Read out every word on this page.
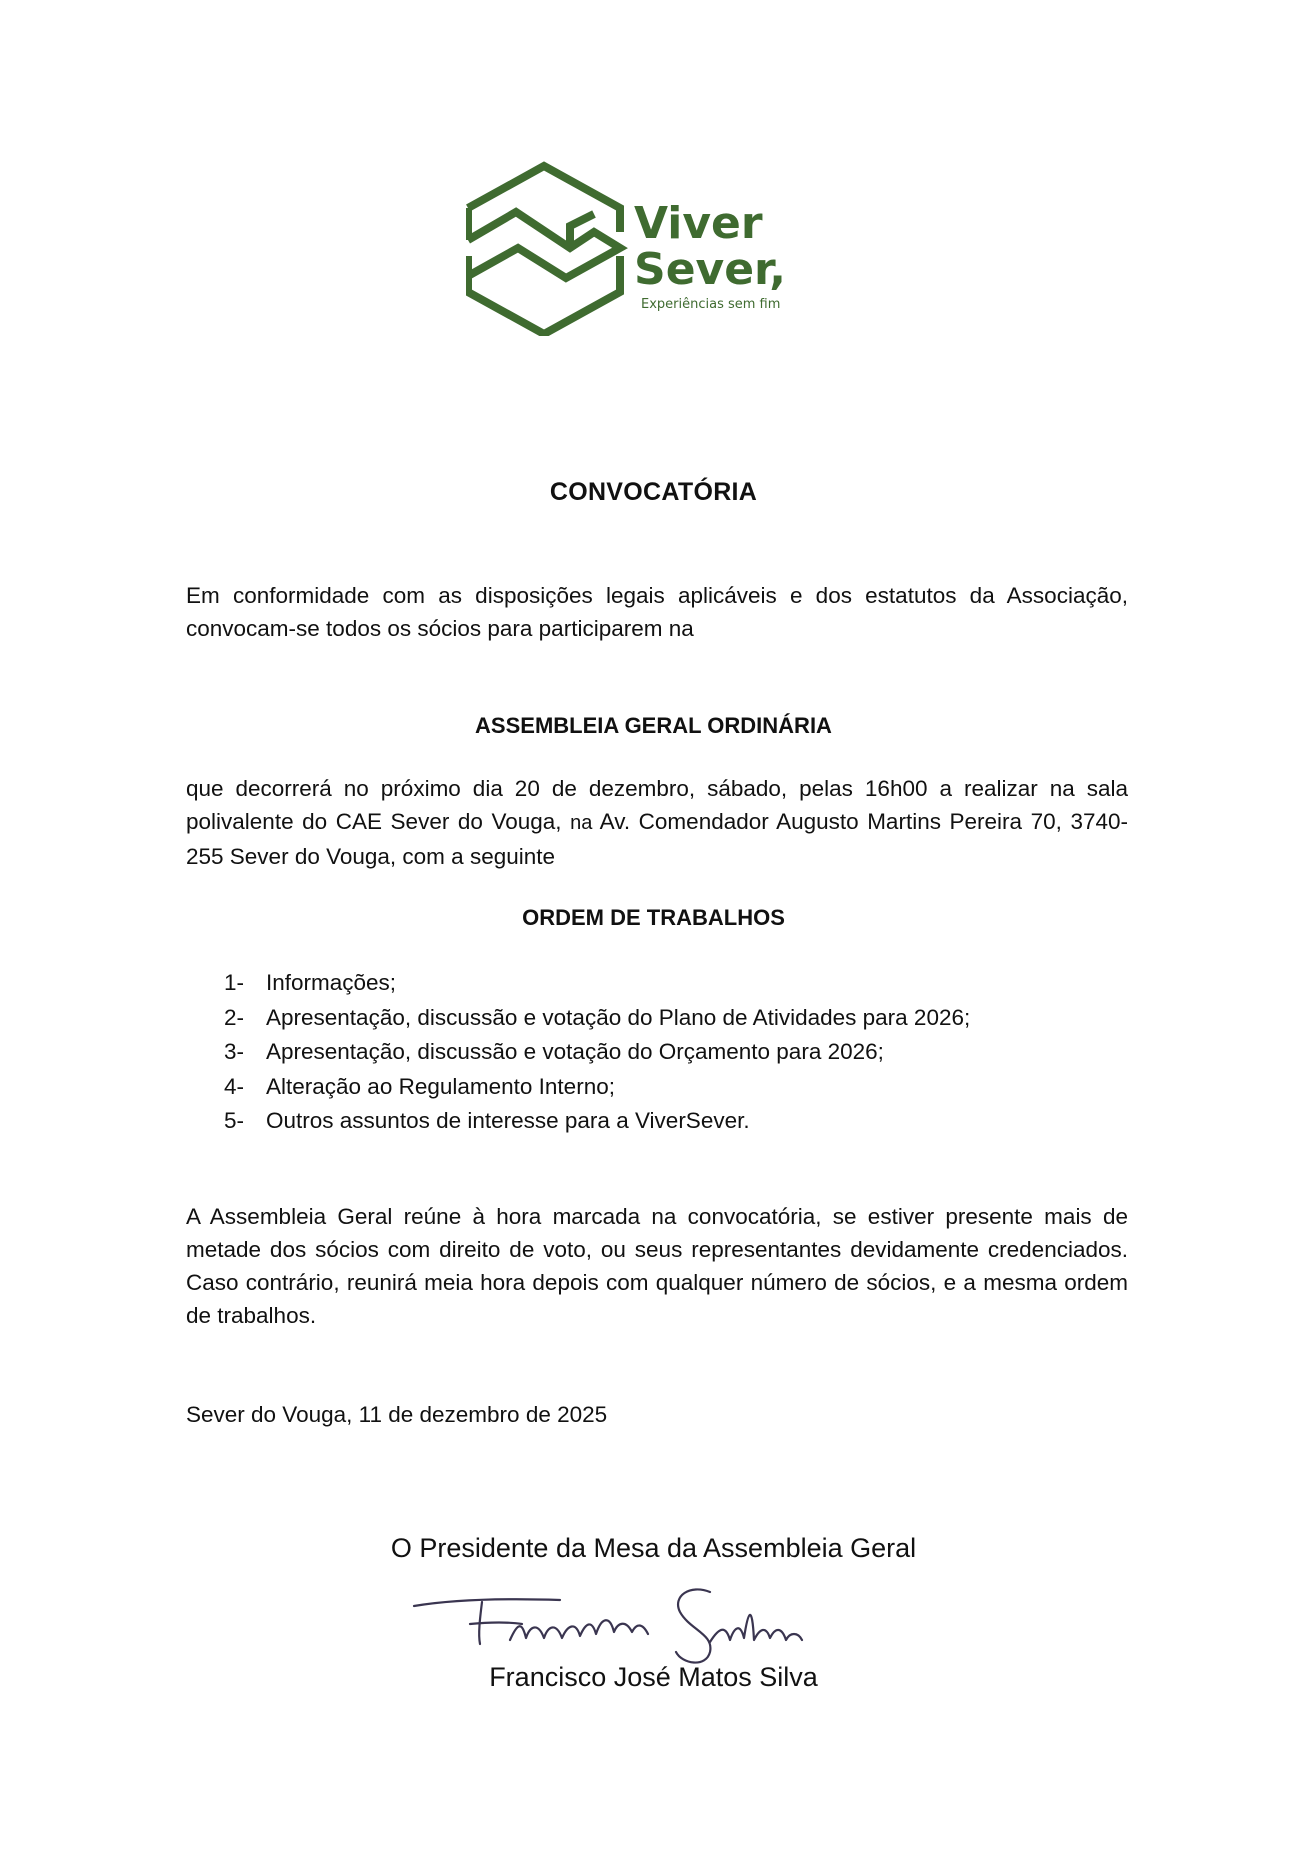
Viver
Sever,
Experiências sem fim
CONVOCATÓRIA

Em conformidade com as disposições legais aplicáveis e dos estatutos da Associação, convocam-se todos os sócios para participarem na

ASSEMBLEIA GERAL ORDINÁRIA

que decorrerá no próximo dia 20 de dezembro, sábado, pelas 16h00 a realizar na sala polivalente do CAE Sever do Vouga, na Av. Comendador Augusto Martins Pereira 70, 3740-255 Sever do Vouga, com a seguinte

ORDEM DE TRABALHOS
1- Informações;
2- Apresentação, discussão e votação do Plano de Atividades para 2026;
3- Apresentação, discussão e votação do Orçamento para 2026;
4- Alteração ao Regulamento Interno;
5- Outros assuntos de interesse para a ViverSever.

A Assembleia Geral reúne à hora marcada na convocatória, se estiver presente mais de metade dos sócios com direito de voto, ou seus representantes devidamente credenciados. Caso contrário, reunirá meia hora depois com qualquer número de sócios, e a mesma ordem de trabalhos.

Sever do Vouga, 11 de dezembro de 2025

O Presidente da Mesa da Assembleia Geral

Francisco José Matos Silva
